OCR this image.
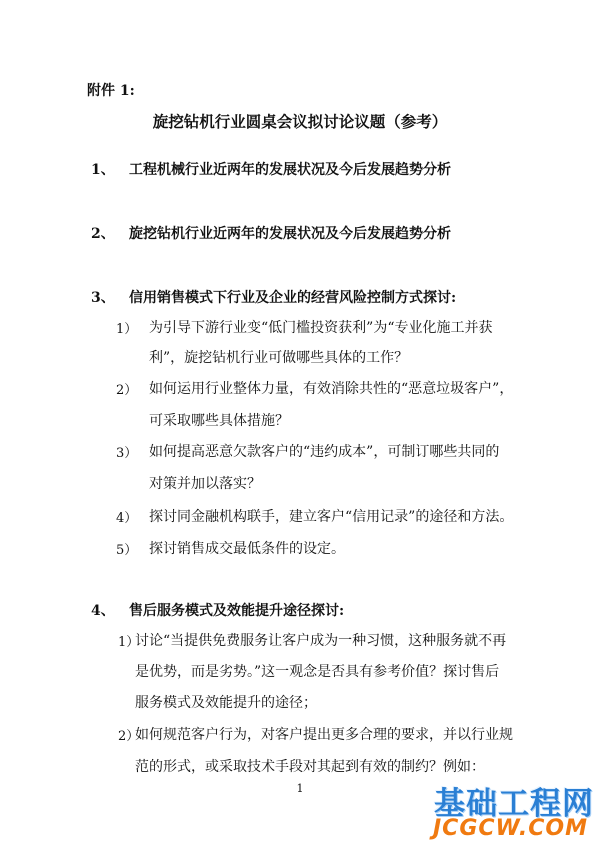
附件 1:
旋挖钻机行业圆桌会议拟讨论议题（参考）
1、 工程机械行业近两年的发展状况及今后发展趋势分析
2、 旋挖钻机行业近两年的发展状况及今后发展趋势分析
3、 信用销售模式下行业及企业的经营风险控制方式探讨:
1） 为引导下游行业变“低门槛投资获利”为“专业化施工并获
利”，旋挖钻机行业可做哪些具体的工作？
2） 如何运用行业整体力量，有效消除共性的“恶意垃圾客户”，
可采取哪些具体措施？
3） 如何提高恶意欠款客户的“违约成本”，可制订哪些共同的
对策并加以落实？
4） 探讨同金融机构联手，建立客户“信用记录”的途径和方法。
5） 探讨销售成交最低条件的设定。
4、 售后服务模式及效能提升途径探讨:
1）
讨论“当提供免费服务让客户成为一种习惯，这种服务就不再
是优势，而是劣势。”这一观念是否具有参考价值？探讨售后
服务模式及效能提升的途径；
2）
如何规范客户行为，对客户提出更多合理的要求，并以行业规
范的形式，或采取技术手段对其起到有效的制约？例如：
1	基础工程网
JCGCW.COM
